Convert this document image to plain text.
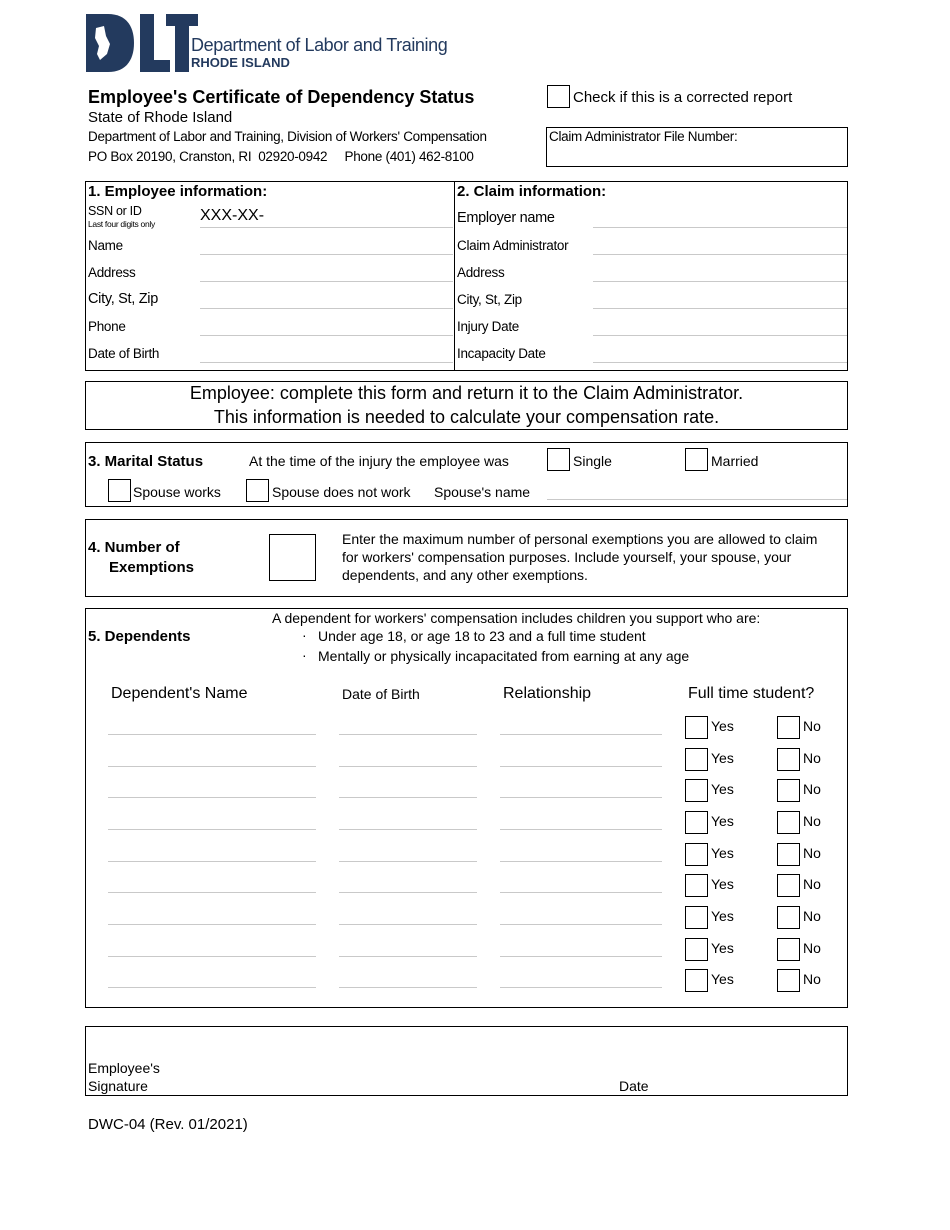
Department of Labor and Training
RHODE ISLAND
Employee's Certificate of Dependency Status
State of Rhode Island
Department of Labor and Training, Division of Workers' Compensation
PO Box 20190, Cranston, RI  02920-0942     Phone (401) 462-8100
Check if this is a corrected report
Claim Administrator File Number:
1. Employee information:
SSN or ID
Last four digits only	XXX-XX-
Name
Address
City, St, Zip
Phone
Date of Birth
2. Claim information:
Employer name
Claim Administrator
Address
City, St, Zip
Injury Date
Incapacity Date
Employee: complete this form and return it to the Claim Administrator.
This information is needed to calculate your compensation rate.
3. Marital Status	At the time of the injury the employee was	Single	Married
Spouse works	Spouse does not work Spouse's name
4. Number of
Exemptions
Enter the maximum number of personal exemptions you are allowed to claim
for workers' compensation purposes. Include yourself, your spouse, your
dependents, and any other exemptions.
5. Dependents
A dependent for workers' compensation includes children you support who are:
· Under age 18, or age 18 to 23 and a full time student
· Mentally or physically incapacitated from earning at any age
Dependent's Name	Date of Birth	Relationship	Full time student?
Yes	No
Yes	No
Yes	No
Yes	No
Yes	No
Yes	No
Yes	No
Yes	No
Yes	No
Employee's
Signature	Date
DWC-04 (Rev. 01/2021)
